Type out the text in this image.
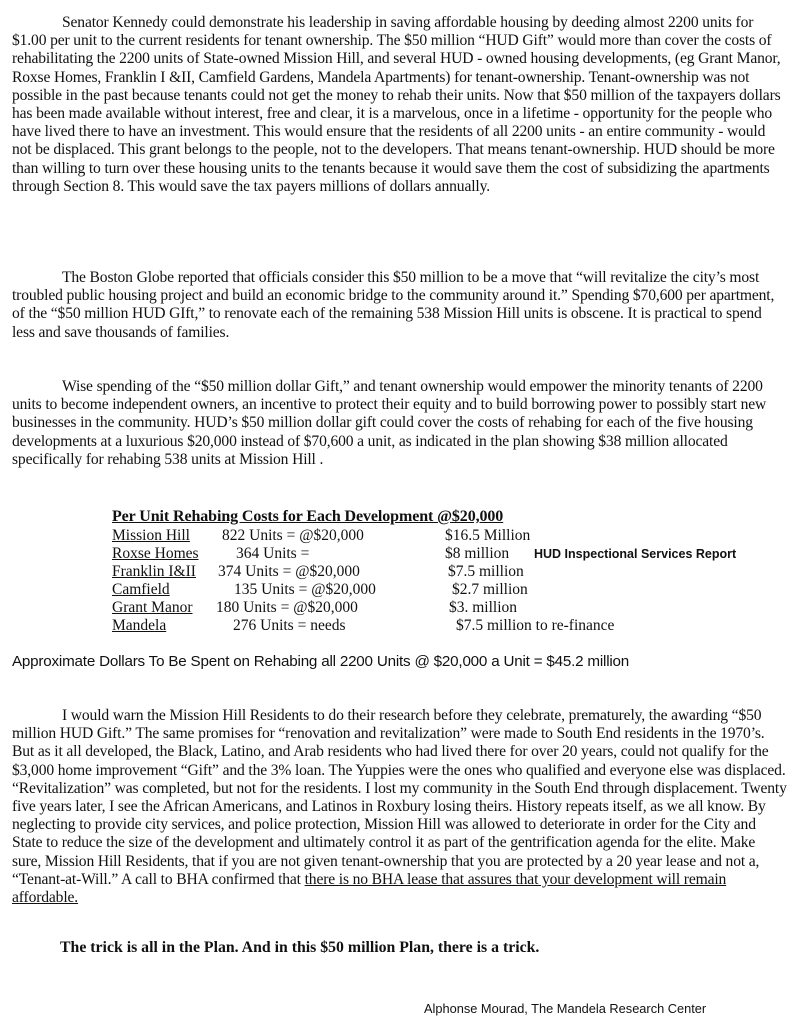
Senator Kennedy could demonstrate his leadership in saving affordable housing by deeding almost 2200 units for $1.00 per unit to the current residents for tenant ownership. The $50 million “HUD Gift” would more than cover the costs of rehabilitating the 2200 units of State-owned Mission Hill, and several HUD - owned housing developments, (eg Grant Manor, Roxse Homes, Franklin I &II, Camfield Gardens, Mandela Apartments) for tenant-ownership. Tenant-ownership was not possible in the past because tenants could not get the money to rehab their units. Now that $50 million of the taxpayers dollars has been made available without interest, free and clear, it is a marvelous, once in a lifetime - opportunity for the people who have lived there to have an investment. This would ensure that the residents of all 2200 units - an entire community - would not be displaced. This grant belongs to the people, not to the developers. That means tenant-ownership. HUD should be more than willing to turn over these housing units to the tenants because it would save them the cost of subsidizing the apartments through Section 8. This would save the tax payers millions of dollars annually.

The Boston Globe reported that officials consider this $50 million to be a move that “will revitalize the city’s most troubled public housing project and build an economic bridge to the community around it.” Spending $70,600 per apartment, of the “$50 million HUD GIft,” to renovate each of the remaining 538 Mission Hill units is obscene. It is practical to spend less and save thousands of families.

Wise spending of the “$50 million dollar Gift,” and tenant ownership would empower the minority tenants of 2200 units to become independent owners, an incentive to protect their equity and to build borrowing power to possibly start new businesses in the community. HUD’s $50 million dollar gift could cover the costs of rehabing for each of the five housing developments at a luxurious $20,000 instead of $70,600 a unit, as indicated in the plan showing $38 million allocated specifically for rehabing 538 units at Mission Hill .

Per Unit Rehabing Costs for Each Development @$20,000
Mission Hill 822 Units = @$20,000	$16.5 Million
Roxse Homes 364 Units =	$8 million HUD Inspectional Services Report
Franklin I&II 374 Units = @$20,000	$7.5 million
Camfield	135 Units = @$20,000	$2.7 million
Grant Manor 180 Units = @$20,000	$3. million
Mandela	276 Units = needs	$7.5 million to re-finance
Approximate Dollars To Be Spent on Rehabing all 2200 Units @ $20,000 a Unit = $45.2 million

I would warn the Mission Hill Residents to do their research before they celebrate, prematurely, the awarding “$50 million HUD Gift.” The same promises for “renovation and revitalization” were made to South End residents in the 1970’s. But as it all developed, the Black, Latino, and Arab residents who had lived there for over 20 years, could not qualify for the $3,000 home improvement “Gift” and the 3% loan. The Yuppies were the ones who qualified and everyone else was displaced. “Revitalization” was completed, but not for the residents. I lost my community in the South End through displacement. Twenty five years later, I see the African Americans, and Latinos in Roxbury losing theirs. History repeats itself, as we all know. By neglecting to provide city services, and police protection, Mission Hill was allowed to deteriorate in order for the City and State to reduce the size of the development and ultimately control it as part of the gentrification agenda for the elite. Make sure, Mission Hill Residents, that if you are not given tenant-ownership that you are protected by a 20 year lease and not a, “Tenant-at-Will.” A call to BHA confirmed that there is no BHA lease that assures that your development will remain affordable.

The trick is all in the Plan. And in this $50 million Plan, there is a trick.
Alphonse Mourad, The Mandela Research Center
